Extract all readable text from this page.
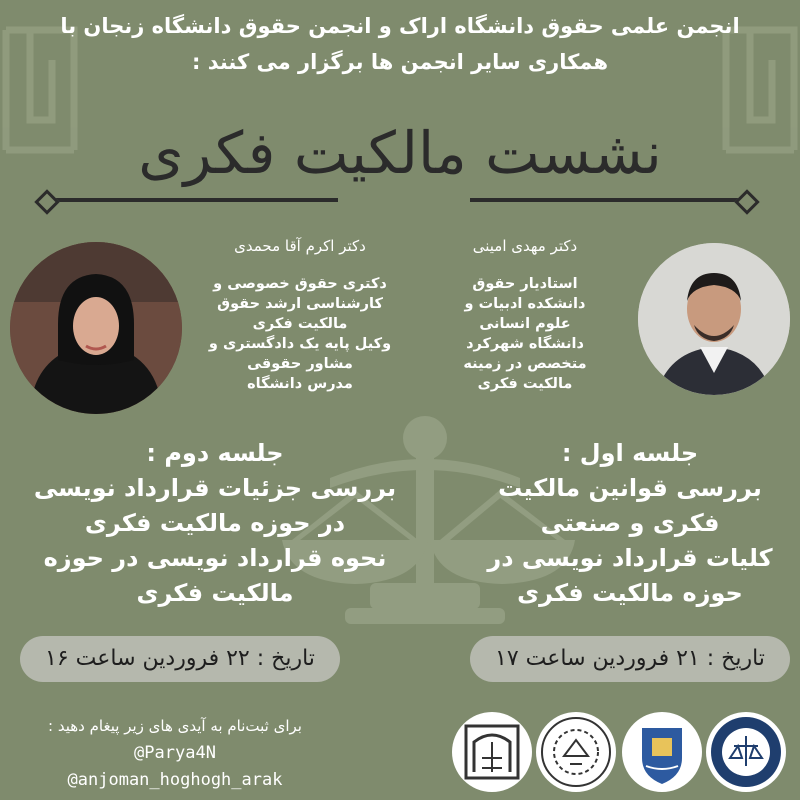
انجمن علمی حقوق دانشگاه اراک و انجمن حقوق دانشگاه زنجان با
همکاری سایر انجمن ها برگزار می کنند :
نشست مالکیت فکری
دکتر مهدی امینی
استادیار حقوق
دانشکده ادبیات و
علوم انسانی
دانشگاه شهرکرد
متخصص در زمینه
مالکیت فکری
دکتر اکرم آقا محمدی
دکتری حقوق خصوصی و
کارشناسی ارشد حقوق
مالکیت فکری
وکیل پایه یک دادگستری و
مشاور حقوقی
مدرس دانشگاه
جلسه اول :
بررسی قوانین مالکیت
فکری و صنعتی
کلیات قرارداد نویسی در
حوزه مالکیت فکری
جلسه دوم :
بررسی جزئیات قرارداد نویسی
در حوزه مالکیت فکری
نحوه قرارداد نویسی در حوزه
مالکیت فکری
تاریخ : ۲۱ فروردین ساعت ۱۷
تاریخ : ۲۲ فروردین ساعت ۱۶
برای ثبت‌نام به آیدی های زیر پیغام دهید :
@Parya4N
@anjoman_hoghogh_arak
